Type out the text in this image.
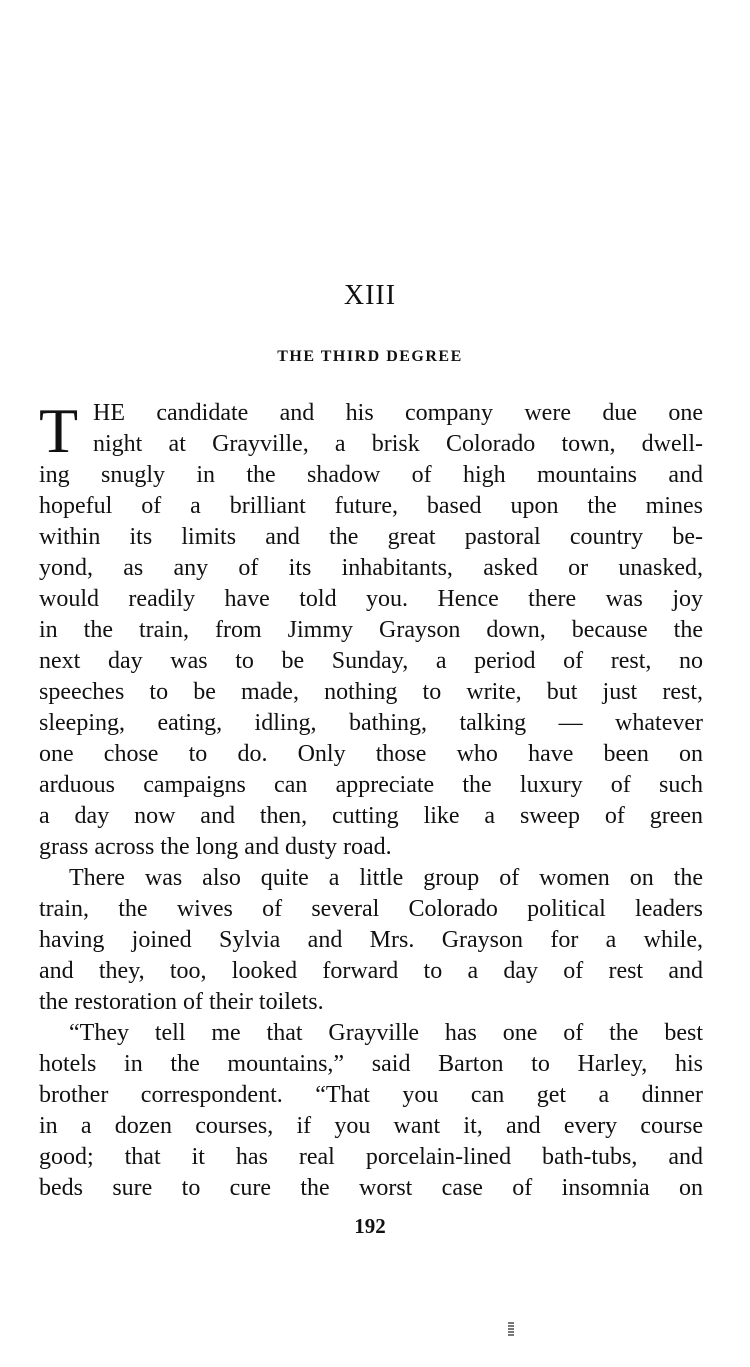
XIII
THE THIRD DEGREE
T HE candidate and his company were due one
night at Grayville, a brisk Colorado town, dwell-
ing snugly in the shadow of high mountains and
hopeful of a brilliant future, based upon the mines
within its limits and the great pastoral country be-
yond, as any of its inhabitants, asked or unasked,
would readily have told you. Hence there was joy
in the train, from Jimmy Grayson down, because the
next day was to be Sunday, a period of rest, no
speeches to be made, nothing to write, but just rest,
sleeping, eating, idling, bathing, talking — whatever
one chose to do. Only those who have been on
arduous campaigns can appreciate the luxury of such
a day now and then, cutting like a sweep of green
grass across the long and dusty road.
There was also quite a little group of women on the
train, the wives of several Colorado political leaders
having joined Sylvia and Mrs. Grayson for a while,
and they, too, looked forward to a day of rest and
the restoration of their toilets.
“They tell me that Grayville has one of the best
hotels in the mountains,” said Barton to Harley, his
brother correspondent. “That you can get a dinner
in a dozen courses, if you want it, and every course
good; that it has real porcelain-lined bath-tubs, and
beds sure to cure the worst case of insomnia on
192
